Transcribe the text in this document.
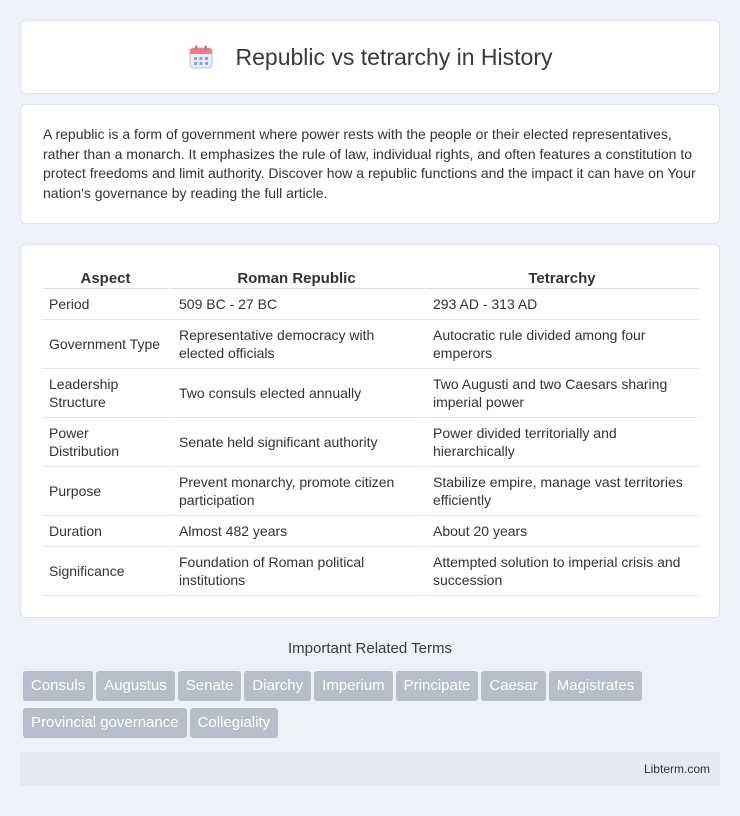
Republic vs tetrarchy in History

A republic is a form of government where power rests with the people or their elected representatives, rather than a monarch. It emphasizes the rule of law, individual rights, and often features a constitution to protect freedoms and limit authority. Discover how a republic functions and the impact it can have on Your nation's governance by reading the full article.

Aspect	Roman Republic	Tetrarchy
Period	509 BC - 27 BC	293 AD - 313 AD
Government Type	Representative democracy with elected officials	Autocratic rule divided among four emperors
Leadership Structure	Two consuls elected annually	Two Augusti and two Caesars sharing imperial power
Power Distribution	Senate held significant authority	Power divided territorially and hierarchically
Purpose	Prevent monarchy, promote citizen participation	Stabilize empire, manage vast territories efficiently
Duration	Almost 482 years	About 20 years
Significance	Foundation of Roman political institutions	Attempted solution to imperial crisis and succession
Important Related Terms
Consuls Augustus Senate Diarchy Imperium Principate Caesar MagistratesProvincial governance Collegiality
Libterm.com
